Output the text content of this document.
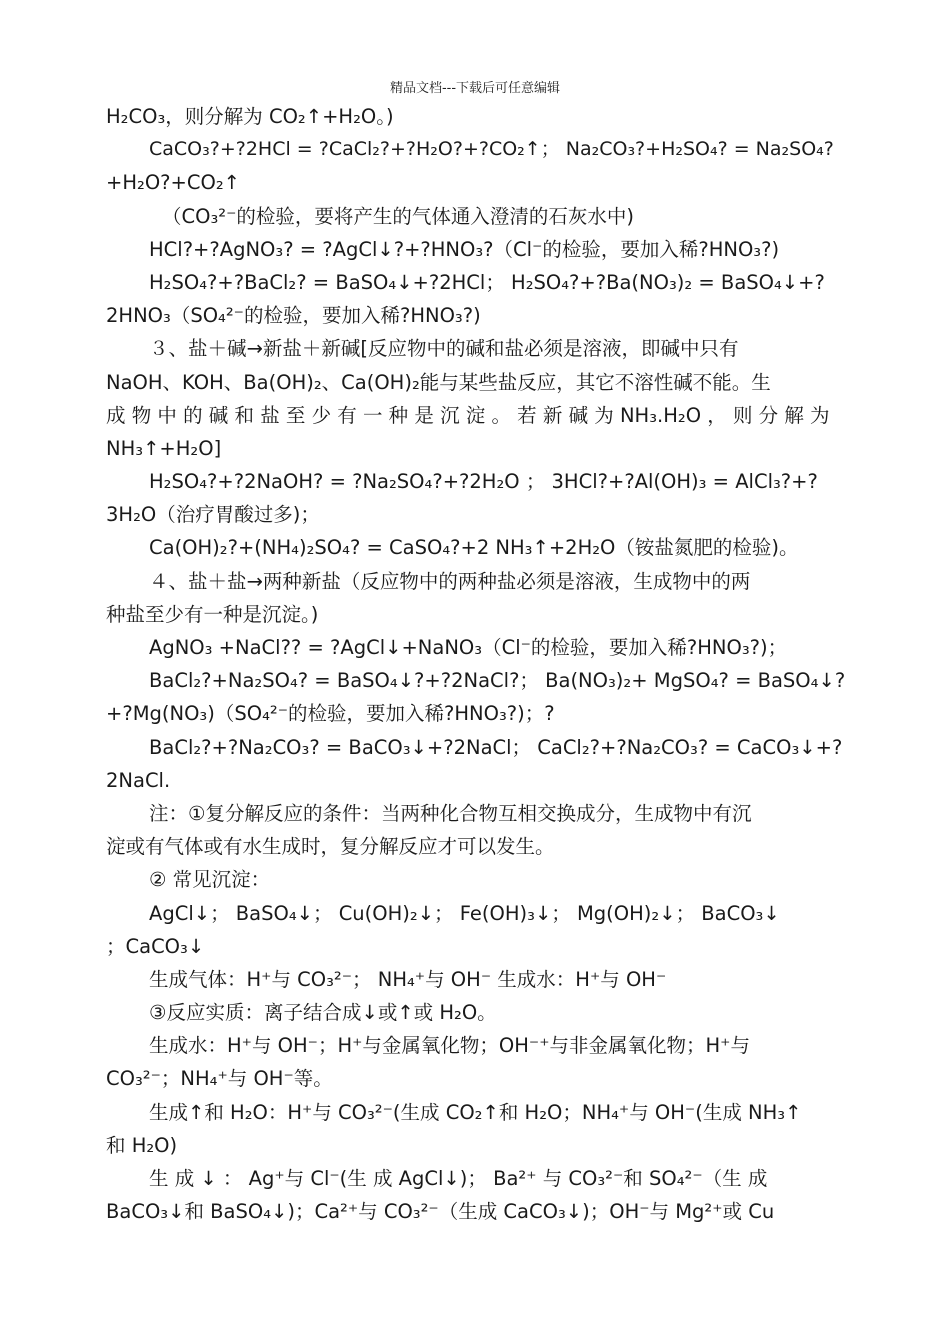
精品文档---下载后可任意编辑
H₂CO₃，则分解为 CO₂↑+H₂O。)
CaCO₃?+?2HCl = ?CaCl₂?+?H₂O?+?CO₂↑； Na₂CO₃?+H₂SO₄? = Na₂SO₄?
+H₂O?+CO₂↑
（CO₃²⁻的检验，要将产生的气体通入澄清的石灰水中)
HCl?+?AgNO₃? = ?AgCl↓?+?HNO₃?（Cl⁻的检验，要加入稀?HNO₃?)
H₂SO₄?+?BaCl₂? = BaSO₄↓+?2HCl； H₂SO₄?+?Ba(NO₃)₂ = BaSO₄↓+?
2HNO₃（SO₄²⁻的检验，要加入稀?HNO₃?)
３、盐＋碱→新盐＋新碱[反应物中的碱和盐必须是溶液，即碱中只有
NaOH、KOH、Ba(OH)₂、Ca(OH)₂能与某些盐反应，其它不溶性碱不能。生
成 物 中 的 碱 和 盐 至 少 有 一 种 是 沉 淀 。 若 新 碱 为 NH₃.H₂O ， 则 分 解 为
NH₃↑+H₂O]
H₂SO₄?+?2NaOH? = ?Na₂SO₄?+?2H₂O ； 3HCl?+?Al(OH)₃ = AlCl₃?+?
3H₂O（治疗胃酸过多)；
Ca(OH)₂?+(NH₄)₂SO₄? = CaSO₄?+2 NH₃↑+2H₂O（铵盐氮肥的检验)。
４、盐＋盐→两种新盐（反应物中的两种盐必须是溶液，生成物中的两
种盐至少有一种是沉淀。)
AgNO₃ +NaCl?? = ?AgCl↓+NaNO₃（Cl⁻的检验，要加入稀?HNO₃?)；
BaCl₂?+Na₂SO₄? = BaSO₄↓?+?2NaCl?； Ba(NO₃)₂+ MgSO₄? = BaSO₄↓?
+?Mg(NO₃)（SO₄²⁻的检验，要加入稀?HNO₃?)；?
BaCl₂?+?Na₂CO₃? = BaCO₃↓+?2NaCl； CaCl₂?+?Na₂CO₃? = CaCO₃↓+?
2NaCl.
注：①复分解反应的条件：当两种化合物互相交换成分，生成物中有沉
淀或有气体或有水生成时，复分解反应才可以发生。
② 常见沉淀：
AgCl↓； BaSO₄↓； Cu(OH)₂↓； Fe(OH)₃↓； Mg(OH)₂↓； BaCO₃↓
；CaCO₃↓
生成气体：H⁺与 CO₃²⁻； NH₄⁺与 OH⁻ 生成水：H⁺与 OH⁻
③反应实质：离子结合成↓或↑或 H₂O。
生成水：H⁺与 OH⁻；H⁺与金属氧化物；OH⁻⁺与非金属氧化物；H⁺与
CO₃²⁻；NH₄⁺与 OH⁻等。
生成↑和 H₂O：H⁺与 CO₃²⁻(生成 CO₂↑和 H₂O；NH₄⁺与 OH⁻(生成 NH₃↑
和 H₂O)
生 成 ↓ ： Ag⁺与 Cl⁻(生 成 AgCl↓)； Ba²⁺ 与 CO₃²⁻和 SO₄²⁻（生 成
BaCO₃↓和 BaSO₄↓)；Ca²⁺与 CO₃²⁻（生成 CaCO₃↓)；OH⁻与 Mg²⁺或 Cu
